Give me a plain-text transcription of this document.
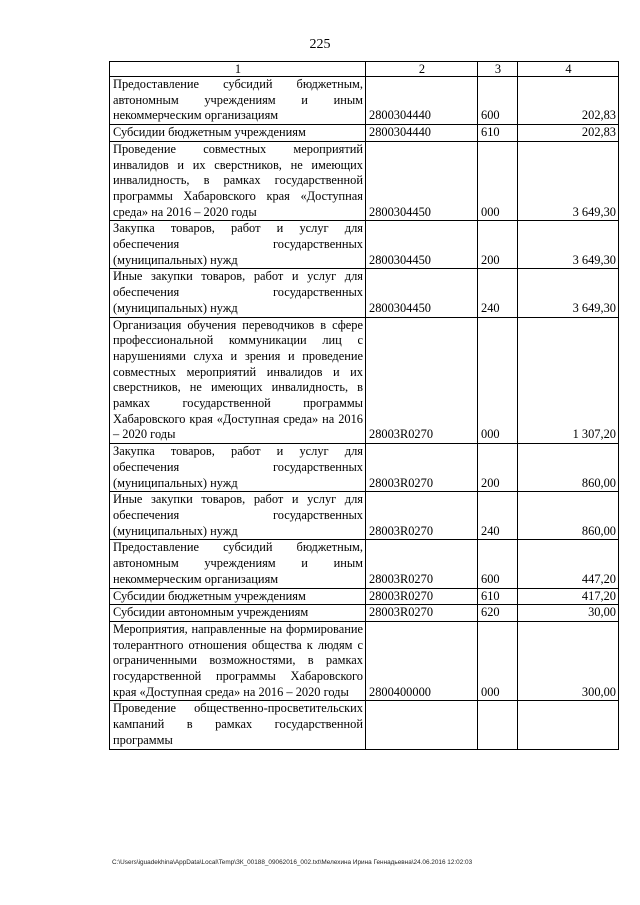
225
1	2	3	4
Предоставление субсидий бюджетным, автономным учреждениям и иным некоммерческим организациям	2800304440	600	202,83
Субсидии бюджетным учреждениям	2800304440	610	202,83
Проведение совместных мероприятий инвалидов и их сверстников, не имеющих инвалидность, в рамках государственной программы Хабаровского края «Доступная среда» на 2016 – 2020 годы	2800304450	000	3 649,30
Закупка товаров, работ и услуг для обеспечения государственных (муниципальных) нужд	2800304450	200	3 649,30
Иные закупки товаров, работ и услуг для обеспечения государственных (муниципальных) нужд	2800304450	240	3 649,30
Организация обучения переводчиков в сфере профессиональной коммуникации лиц с нарушениями слуха и зрения и проведение совместных мероприятий инвалидов и их сверстников, не имеющих инвалидность, в рамках государственной программы Хабаровского края «Доступная среда» на 2016 – 2020 годы	28003R0270	000	1 307,20
Закупка товаров, работ и услуг для обеспечения государственных (муниципальных) нужд	28003R0270	200	860,00
Иные закупки товаров, работ и услуг для обеспечения государственных (муниципальных) нужд	28003R0270	240	860,00
Предоставление субсидий бюджетным, автономным учреждениям и иным некоммерческим организациям	28003R0270	600	447,20
Субсидии бюджетным учреждениям	28003R0270	610	417,20
Субсидии автономным учреждениям	28003R0270	620	30,00
Мероприятия, направленные на формирование толерантного отношения общества к людям с ограниченными возможностями, в рамках государственной программы Хабаровского края «Доступная среда» на 2016 – 2020 годы	2800400000	000	300,00
Проведение общественно-просветительских кампаний в рамках государственной программы			
C:\Users\iguadekhina\AppData\Local\Temp\ЗК_00188_09062016_002.txt\Мелехина Ирина Геннадьевна\24.06.2016 12:02:03
